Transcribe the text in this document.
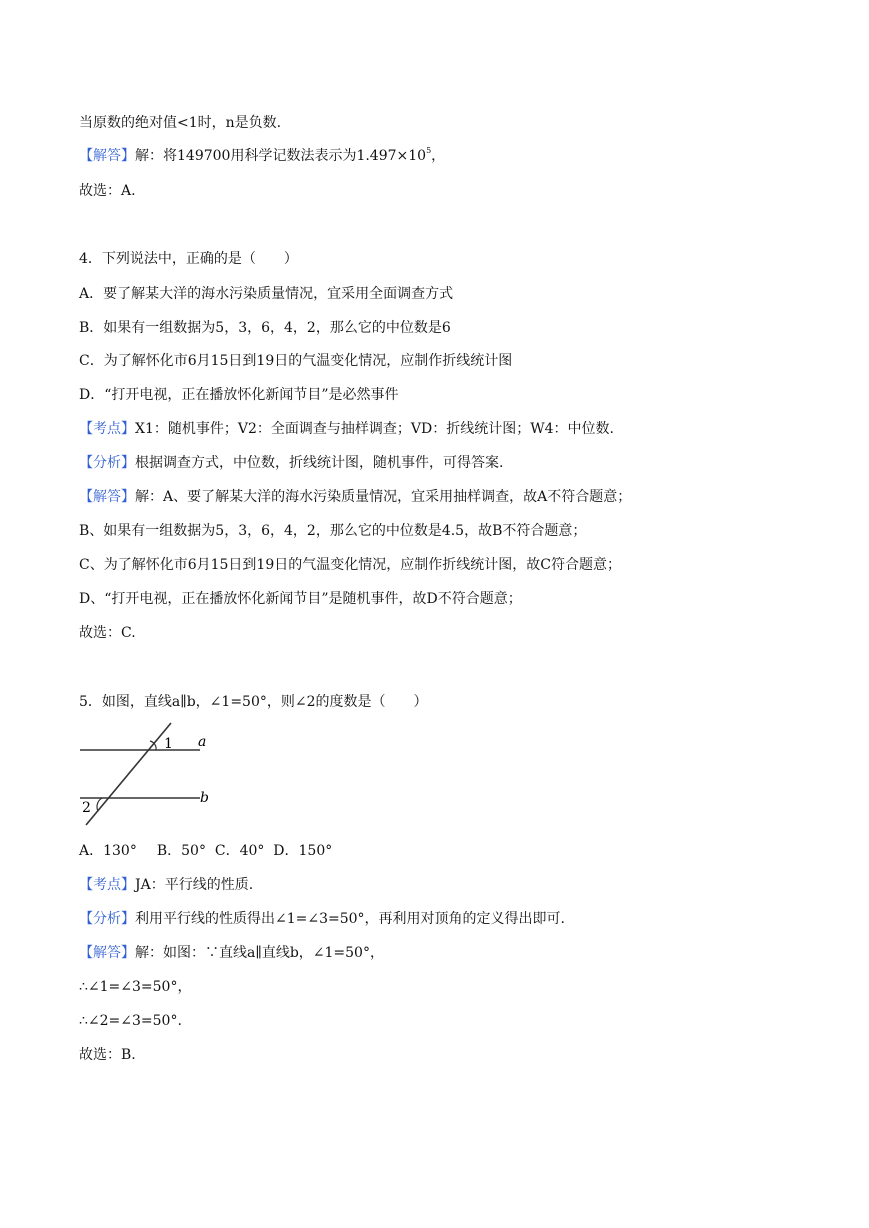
当原数的绝对值<1时，n是负数.
【解答】解：将149700用科学记数法表示为$1.497\times 10^5$，
故选：A.
4．下列说法中，正确的是（　　）
A．要了解某大洋的海水污染质量情况，宜采用全面调查方式
B．如果有一组数据为5，3，6，4，2，那么它的中位数是6
C．为了解怀化市6月15日到19日的气温变化情况，应制作折线统计图
D．“打开电视，正在播放怀化新闻节目”是必然事件
【考点】X1：随机事件；V2：全面调查与抽样调查；VD：折线统计图；W4：中位数.
【分析】根据调查方式，中位数，折线统计图，随机事件，可得答案.
【解答】解：A、要了解某大洋的海水污染质量情况，宜采用抽样调查，故A不符合题意；
B、如果有一组数据为5，3，6，4，2，那么它的中位数是4.5，故B不符合题意；
C、为了解怀化市6月15日到19日的气温变化情况，应制作折线统计图，故C符合题意；
D、“打开电视，正在播放怀化新闻节目”是随机事件，故D不符合题意；
故选：C.
5．如图，直线a∥b，∠1=50°，则∠2的度数是（　　）
1
2
a
b
A．130° B．50° C．40° D．150°
【考点】JA：平行线的性质.
【分析】利用平行线的性质得出∠1=∠3=50°，再利用对顶角的定义得出即可.
【解答】解：如图：∵直线a∥直线b，∠1=50°，
∴∠1=∠3=50°，
∴∠2=∠3=50°.
故选：B.
